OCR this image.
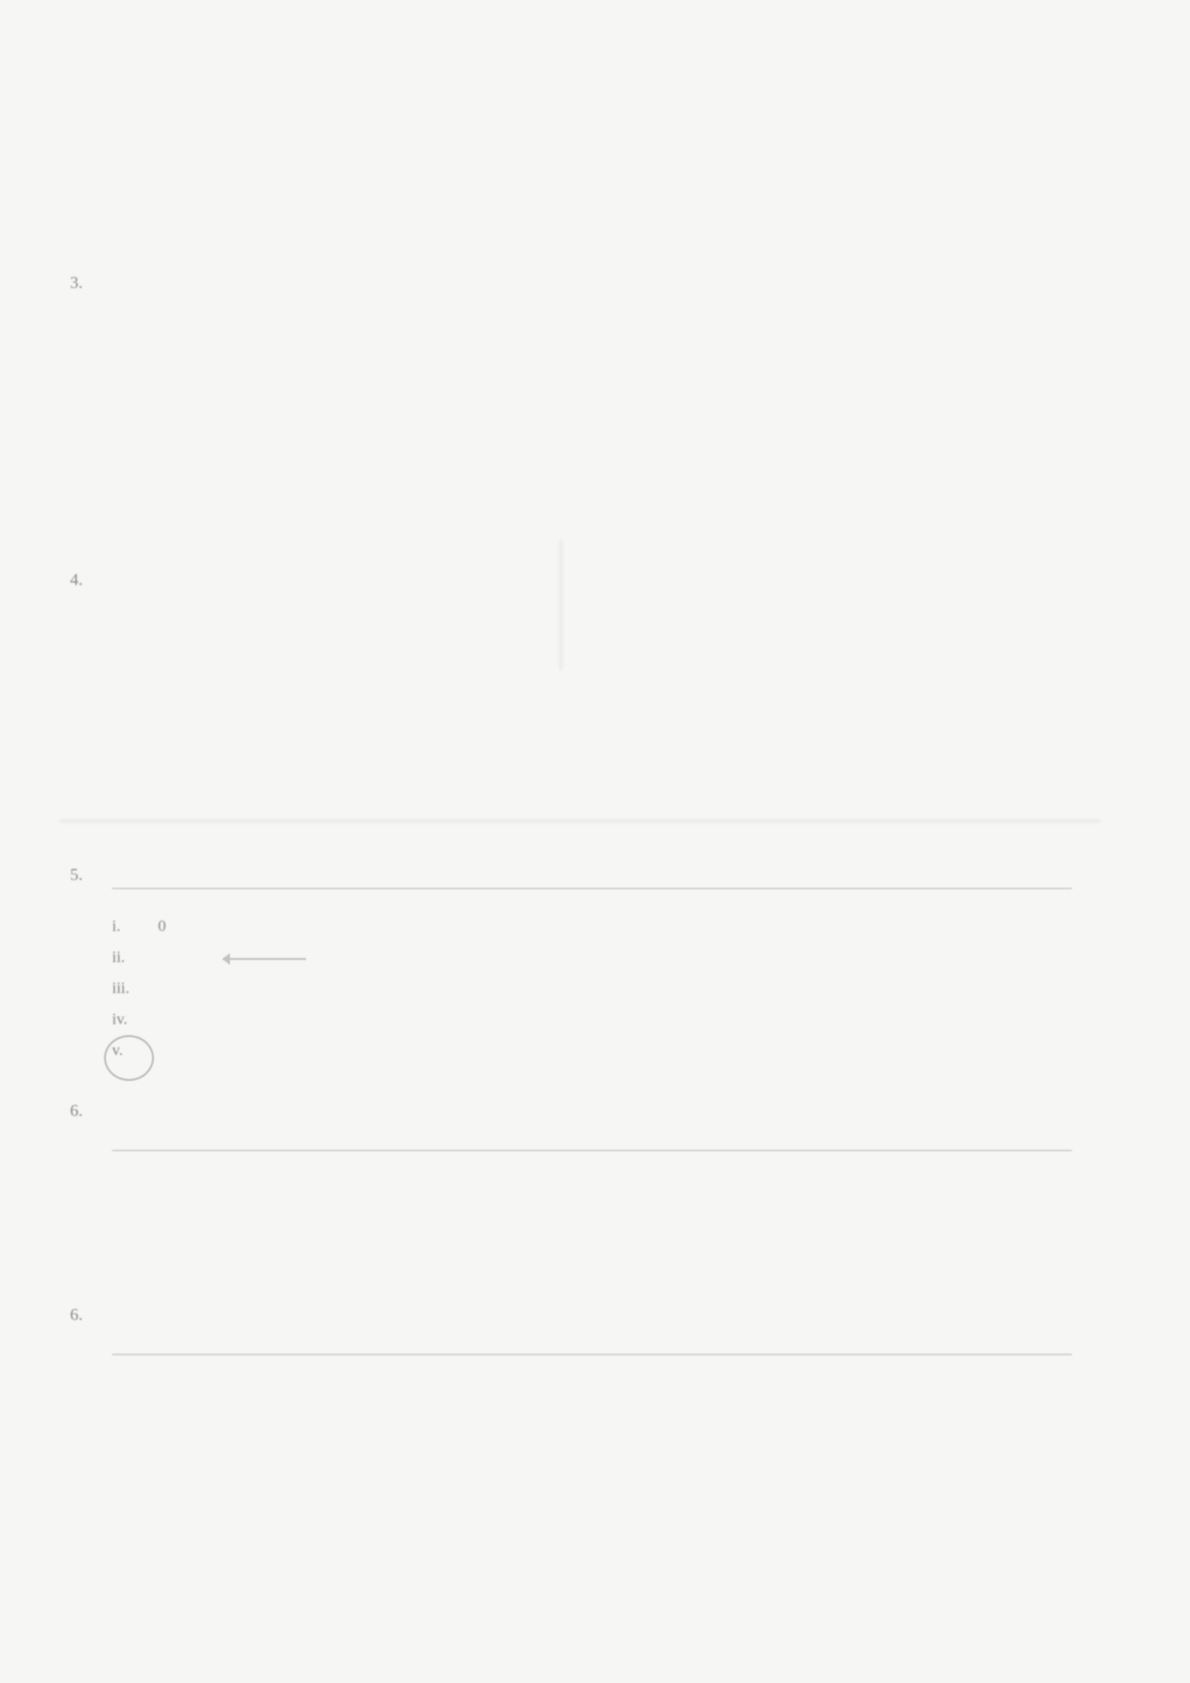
3.
4.
5.
i.	0
ii.
iii.
iv.
v.
6.
6.
